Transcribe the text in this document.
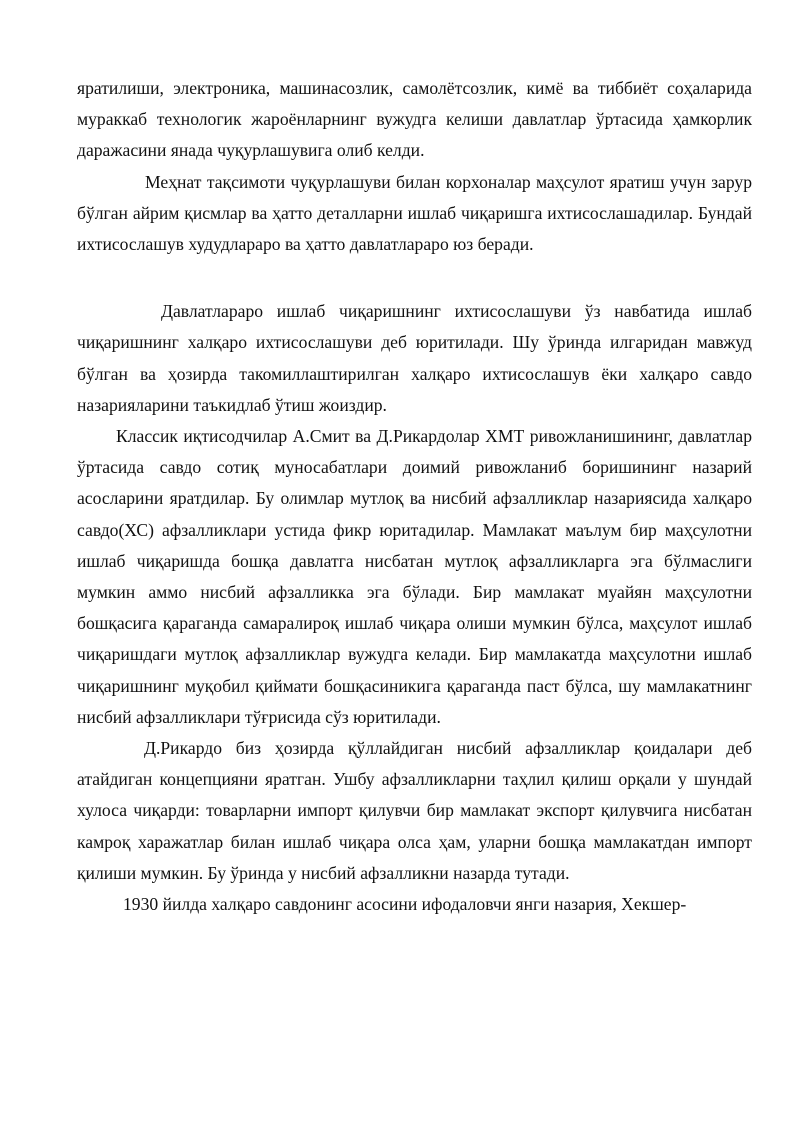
яратилиши, электроника, машинасозлик, самолётсозлик, кимё ва тиббиёт соҳаларида мураккаб технологик жароёнларнинг вужудга келиши давлатлар ўртасида ҳамкорлик даражасини янада чуқурлашувига олиб келди.

Меҳнат тақсимоти чуқурлашуви билан корхоналар маҳсулот яратиш учун зарур бўлган айрим қисмлар ва ҳатто деталларни ишлаб чиқаришга ихтисослашадилар. Бундай ихтисослашув худудлараро ва ҳатто давлатлараро юз беради.

Давлатлараро ишлаб чиқаришнинг ихтисослашуви ўз навбатида ишлаб чиқаришнинг халқаро ихтисослашуви деб юритилади. Шу ўринда илгаридан мавжуд бўлган ва ҳозирда такомиллаштирилган халқаро ихтисослашув ёки халқаро савдо назарияларини таъкидлаб ўтиш жоиздир.

Классик иқтисодчилар А.Смит ва Д.Рикардолар ХМТ ривожланишининг, давлатлар ўртасида савдо сотиқ муносабатлари доимий ривожланиб боришининг назарий асосларини яратдилар. Бу олимлар мутлоқ ва нисбий афзалликлар назариясида халқаро савдо(ХС) афзалликлари устида фикр юритадилар. Мамлакат маълум бир маҳсулотни ишлаб чиқаришда бошқа давлатга нисбатан мутлоқ афзалликларга эга бўлмаслиги мумкин аммо нисбий афзалликка эга бўлади. Бир мамлакат муайян маҳсулотни бошқасига қараганда самаралироқ ишлаб чиқара олиши мумкин бўлса, маҳсулот ишлаб чиқаришдаги мутлоқ афзалликлар вужудга келади. Бир мамлакатда маҳсулотни ишлаб чиқаришнинг муқобил қиймати бошқасиникига қараганда паст бўлса, шу мамлакатнинг нисбий афзалликлари тўғрисида сўз юритилади.

Д.Рикардо биз ҳозирда қўллайдиган нисбий афзалликлар қоидалари деб атайдиган концепцияни яратган. Ушбу афзалликларни таҳлил қилиш орқали у шундай хулоса чиқарди: товарларни импорт қилувчи бир мамлакат экспорт қилувчига нисбатан камроқ харажатлар билан ишлаб чиқара олса ҳам, уларни бошқа мамлакатдан импорт қилиши мумкин. Бу ўринда у нисбий афзалликни назарда тутади.

1930 йилда халқаро савдонинг асосини ифодаловчи янги назария, Хекшер-
